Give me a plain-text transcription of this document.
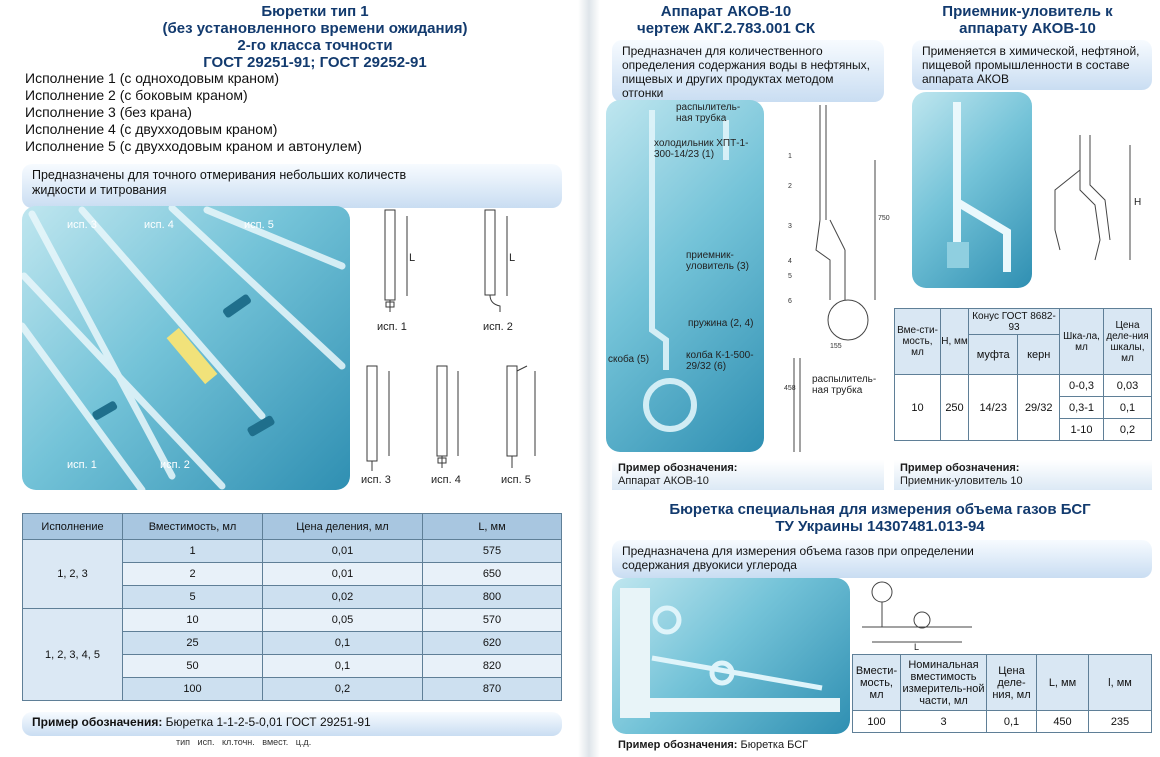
Бюретки тип 1
(без установленного времени ожидания)
2-го класса точности
ГОСТ 29251-91; ГОСТ 29252-91
Исполнение 1 (с одноходовым краном)
Исполнение 2 (с боковым краном)
Исполнение 3 (без крана)
Исполнение 4 (с двухходовым краном)
Исполнение 5 (с двухходовым краном и автонулем)
Предназначены для точного отмеривания небольших количеств жидкости и титрования
исп. 3	исп. 4	исп. 5
исп. 1	исп. 2
L	L
исп. 1	исп. 2
исп. 3	исп. 4	исп. 5
Исполнение	Вместимость, мл	Цена деления, мл	L, мм
1, 2, 3	1	0,01	575
	2	0,01	650
	5	0,02	800
1, 2, 3, 4, 5	10	0,05	570
	25	0,1	620
	50	0,1	820
	100	0,2	870
Пример обозначения: Бюретка 1-1-2-5-0,01 ГОСТ 29251-91
тип исп. кл.точн. вмест. ц.д.
Аппарат АКОВ-10
чертеж АКГ.2.783.001 СК
Предназначен для количественного определения содержания воды в нефтяных, пищевых и других продуктах методом отгонки
распылитель-ная трубка
холодильник ХПТ-1-300-14/23 (1)
приемник-уловитель (3)
пружина (2, 4)
скоба (5)	колба К-1-500-29/32 (6)
1
2
3
4
5
6
750
155
458
распылитель-ная трубка
Пример обозначения:
Аппарат АКОВ-10
Приемник-уловитель к
аппарату АКОВ-10
Применяется в химической, нефтяной, пищевой промышленности в составе аппарата АКОВ
H
Вме-сти-мость, мл	H, мм	Конус ГОСТ 8682-93		Шка-ла, мл	Цена деле-ния шкалы, мл
		муфта	керн		
10	250	14/23	29/32	0-0,3	0,03
				0,3-1	0,1
				1-10	0,2
Пример обозначения:
Приемник-уловитель 10
Бюретка специальная для измерения объема газов БСГ
ТУ Украины 14307481.013-94
Предназначена для измерения объема газов при определении содержания двуокиси углерода
L
Вмести-мость, мл	Номинальная вместимость измеритель-ной части, мл	Цена деле-ния, мл	L, мм	l, мм
100	3	0,1	450	235
Пример обозначения: Бюретка БСГ
